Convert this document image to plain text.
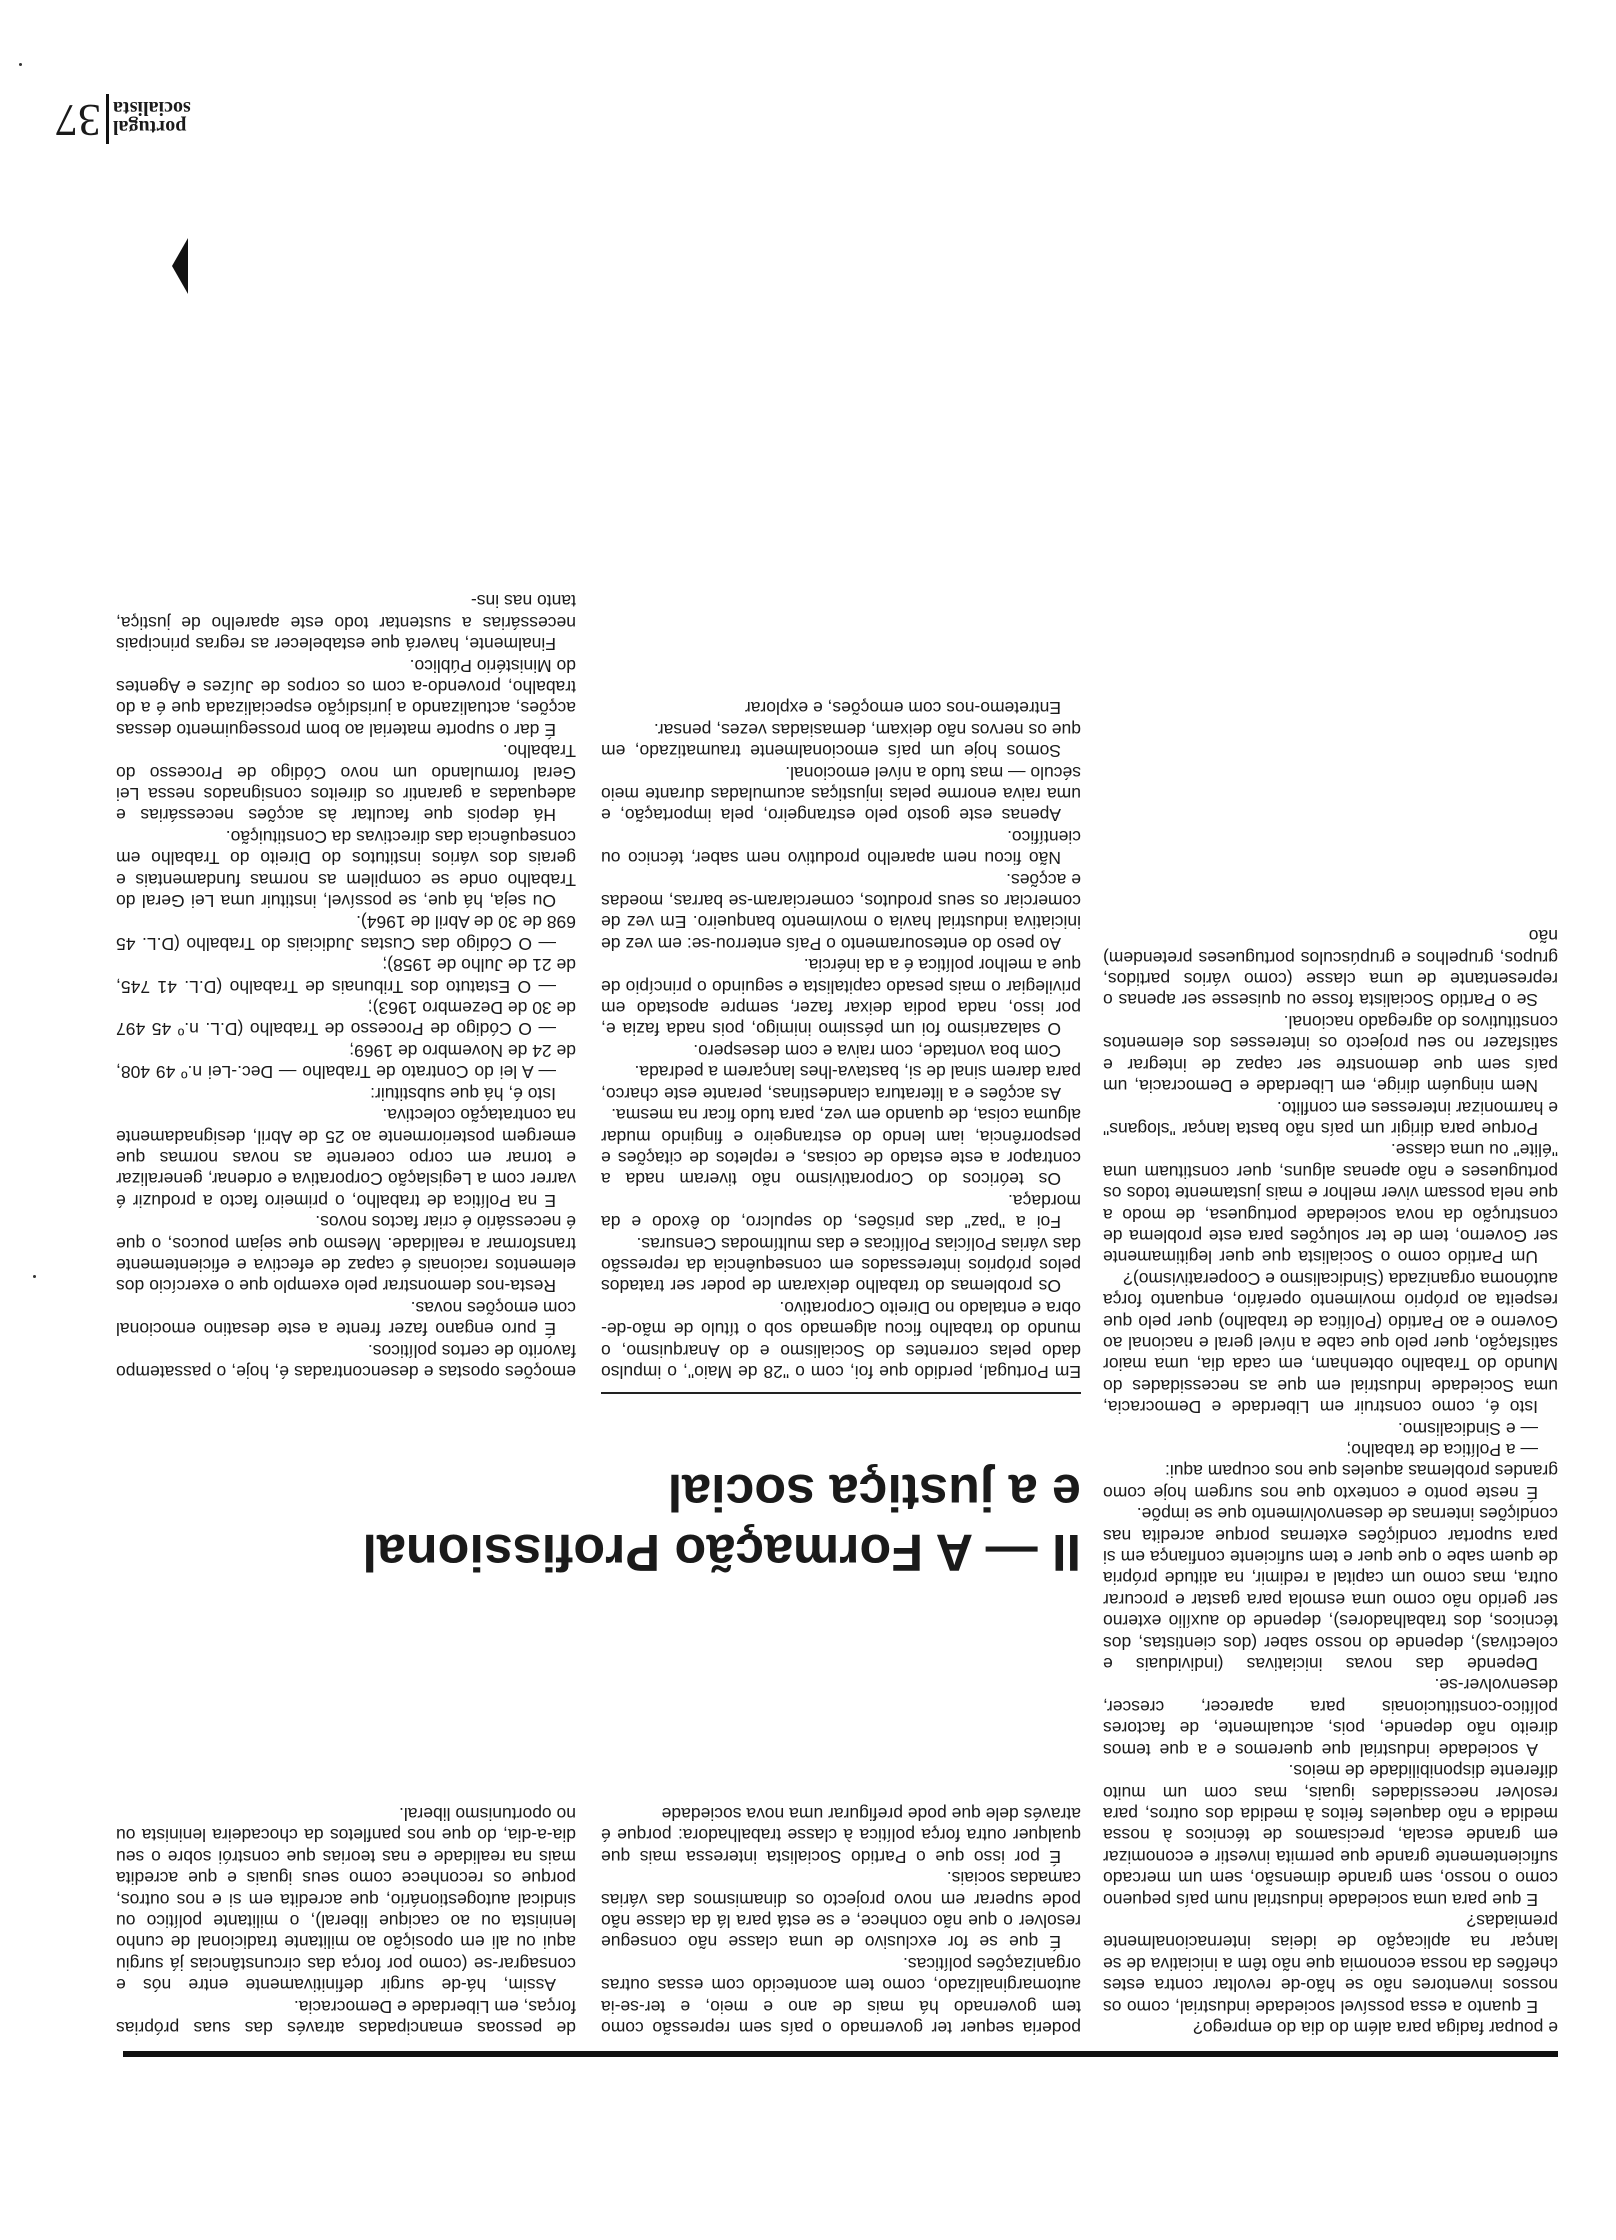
portugal
socialista
37

e poupar fadiga para além do dia do emprego?

E quanto a essa possível sociedade industrial, como os nossos inventores não se hão-de revoltar contra estes chefões da nossa economia que não têm a iniciativa de se lançar na aplicação de ideias internacionalmente premiadas?

E que para uma sociedade industrial num país pequeno como o nosso, sem grande dimensão, sem um mercado suficientemente grande que permita investir e economizar em grande escala, precisamos de técnicos à nossa medida e não daqueles feitos à medida dos outros, para resolver necessidades iguais, mas com um muito diferente disponibilidade de meios.

A sociedade industrial que queremos e a que temos direito não depende, pois, actualmente, de factores político-constitucionais para aparecer, crescer, desenvolver-se.

Depende das novas iniciativas (individuais e colectivas), depende do nosso saber (dos cientistas, dos técnicos, dos trabalhadores), depende do auxílio externo ser gerido não como uma esmola para gastar e procurar outra, mas como um capital a redimir, na atitude própria de quem sabe o que quer e tem suficiente confiança em si para suportar condições externas porque acredita nas condições internas de desenvolvimento que se impõe.

É neste ponto e contexto que nos surgem hoje como grandes problemas aqueles que nos ocupam aqui:

— a Política de trabalho;

— e Sindicalismo.

Isto é, como construir em Liberdade e Democracia, uma Sociedade Industrial em que as necessidades do Mundo do Trabalho obtenham, em cada dia, uma maior satisfação, quer pelo que cabe a nível geral e nacional ao Governo e ao Partido (Política de trabalho) quer pelo que respeita ao próprio movimento operário, enquanto força autónoma organizada (Sindicalismo e Cooperativismo)?

Um Partido como o Socialista que quer legitimamente ser Governo, tem de ter soluções para este problema de construção da nova sociedade portuguesa, de modo a que nela possam viver melhor e mais justamente todos os portugueses e não apenas alguns, quer constituam uma "élite" ou uma classe.

Porque para dirigir um país não basta lançar "slogans" e harmonizar interesses em conflito.

Nem ninguém dirige, em Liberdade e Democracia, um país sem que demonstre ser capaz de integrar e satisfazer no seu projecto os interesses dos elementos constitutivos do agregado nacional.

Se o Partido Socialista fosse ou quisesse ser apenas o representante de uma classe (como vários partidos, grupos, grupelhos e grupúsculos portugueses pretendem) não

poderia sequer ter governado o país sem repressão como tem governado há mais de ano e meio, e ter-se-ia automarginalizado, como tem acontecido com essas outras organizações políticas.

É que se for exclusivo de uma classe não consegue resolver o que não conhece, e se está para lá da classe não pode superar em novo projecto os dinamismos das várias camadas sociais.

É por isso que o Partido Socialista interessa mais que qualquer outra força política à classe trabalhadora: porque é através dele que pode prefigurar uma nova sociedade

de pessoas emancipadas através das suas próprias forças, em Liberdade e Democracia.

Assim, há-de surgir definitivamente entre nós e consagrar-se (como por força das circunstâncias já surgiu aqui ou ali em oposição ao militante tradicional de cunho leninista ou ao cacique liberal), o militante político ou sindical autogestionário, que acredita em si e nos outros, porque os reconhece como seus iguais e que acredita mais na realidade e nas teorias que constrói sobre o seu dia-a-dia, do que nos panfletos da chocadeira leninista ou no oportunismo liberal.

II — A Formação Profissional
e a justiça social

Em Portugal, perdido que foi, com o "28 de Maio", o impulso dado pelas correntes do Socialismo e do Anarquismo, o mundo do trabalho ficou algemado sob o título de mão-de-obra e entalado no Direito Corporativo.

Os problemas do trabalho deixaram de poder ser tratados pelos próprios interessados em consequência da repressão das várias Polícias Políticas e das multímodas Censuras.

Foi a "paz" das prisões, do sepulcro, do êxodo e da mordaça.

Os teóricos do Corporativismo não tiveram nada a contrapor a este estado de coisas, e repletos de citações e pesporrência, iam lendo do estrangeiro e fingindo mudar alguma coisa, de quando em vez, para tudo ficar na mesma.

As acções e a literatura clandestinas, perante este charco, para darem sinal de si, bastava-lhes lançarem a pedrada.

Com boa vontade, com raiva e com desespero.

O salazarismo foi um péssimo inimigo, pois nada fazia e, por isso, nada podia deixar fazer, sempre apostado em privilegiar o mais pesado capitalista e seguindo o princípio de que a melhor política é a da inércia.

Ao peso do entesouramento o País enterrou-se: em vez de iniciativa industrial havia o movimento banqueiro. Em vez de comerciar os seus produtos, comerciaram-se barras, moedas e acções.

Não ficou nem aparelho produtivo nem saber, técnico ou científico.

Apenas este gosto pelo estrangeiro, pela importação, e uma raiva enorme pelas injustiças acumuladas durante meio século — mas tudo a nível emocional.

Somos hoje um país emocionalmente traumatizado, em que os nervos não deixam, demasiadas vezes, pensar.

Entretemo-nos com emoções, e explorar

emoções opostas e desencontradas é, hoje, o passatempo favorito de certos políticos.

É puro engano fazer frente a este desatino emocional com emoções novas.

Resta-nos demonstrar pelo exemplo que o exercício dos elementos racionais é capaz de efectiva e eficientemente transformar a realidade. Mesmo que sejam poucos, o que é necessário é criar factos novos.

E na Política de trabalho, o primeiro facto a produzir é varrer com a Legislação Corporativa e ordenar, generalizar e tornar em corpo coerente as novas normas que emergem posteriormente ao 25 de Abril, designadamente na contratação colectiva.

Isto é, há que substituir:

— A lei do Contrato de Trabalho — Dec.-Lei n.º 49 408, de 24 de Novembro de 1969;

— O Código de Processo de Trabalho (D.L. n.º 45 497 de 30 de Dezembro 1963);

— O Estatuto dos Tribunais de Trabalho (D.L. 41 745, de 21 de Julho de 1958);

— O Código das Custas Judiciais do Trabalho (D.L. 45 698 de 30 de Abril de 1964).

Ou seja, há que, se possível, instituir uma Lei Geral do Trabalho onde se compilem as normas fundamentais e gerais dos vários institutos do Direito do Trabalho em consequência das directivas da Constituição.

Há depois que facultar às acções necessárias e adequadas a garantir os direitos consignados nessa Lei Geral formulando um novo Código de Processo do Trabalho.

É dar o suporte material ao bom prosseguimento dessas acções, actualizando a jurisdição especializada que é a do trabalho, provendo-a com os corpos de Juízes e Agentes do Ministério Público.

Finalmente, haverá que estabelecer as regras principais necessárias a sustentar todo este aparelho de justiça, tanto nas ins-
